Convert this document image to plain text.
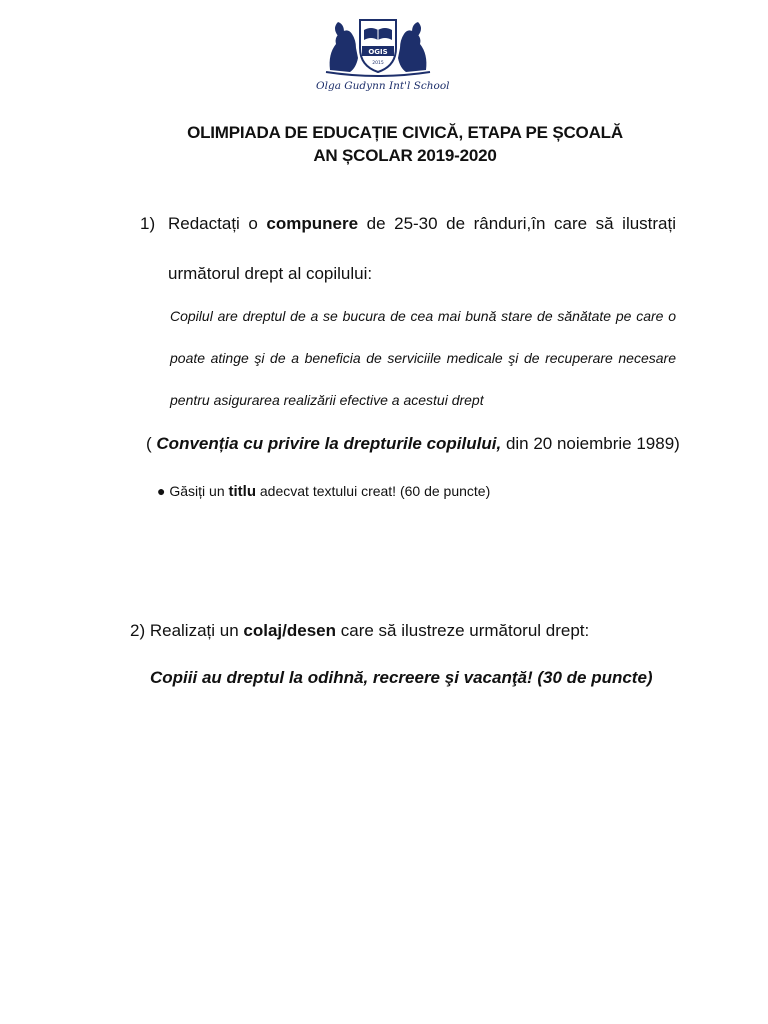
OGIS
2015
Olga Gudynn Int'l School
OLIMPIADA DE EDUCAȚIE CIVICĂ, ETAPA PE ȘCOALĂ
AN ȘCOLAR 2019-2020
1) Redactați o compunere de 25-30 de rânduri,în care să ilustrați
următorul drept al copilului:
Copilul are dreptul de a se bucura de cea mai bună stare de sănătate pe care o
poate atinge şi de a beneficia de serviciile medicale şi de recuperare necesare
pentru asigurarea realizării efective a acestui drept
( Convenția cu privire la drepturile copilului, din 20 noiembrie 1989)
● Găsiți un titlu adecvat textului creat! (60 de puncte)
2) Realizați un colaj/desen care să ilustreze următorul drept:
Copiii au dreptul la odihnă, recreere şi vacanţă! (30 de puncte)
